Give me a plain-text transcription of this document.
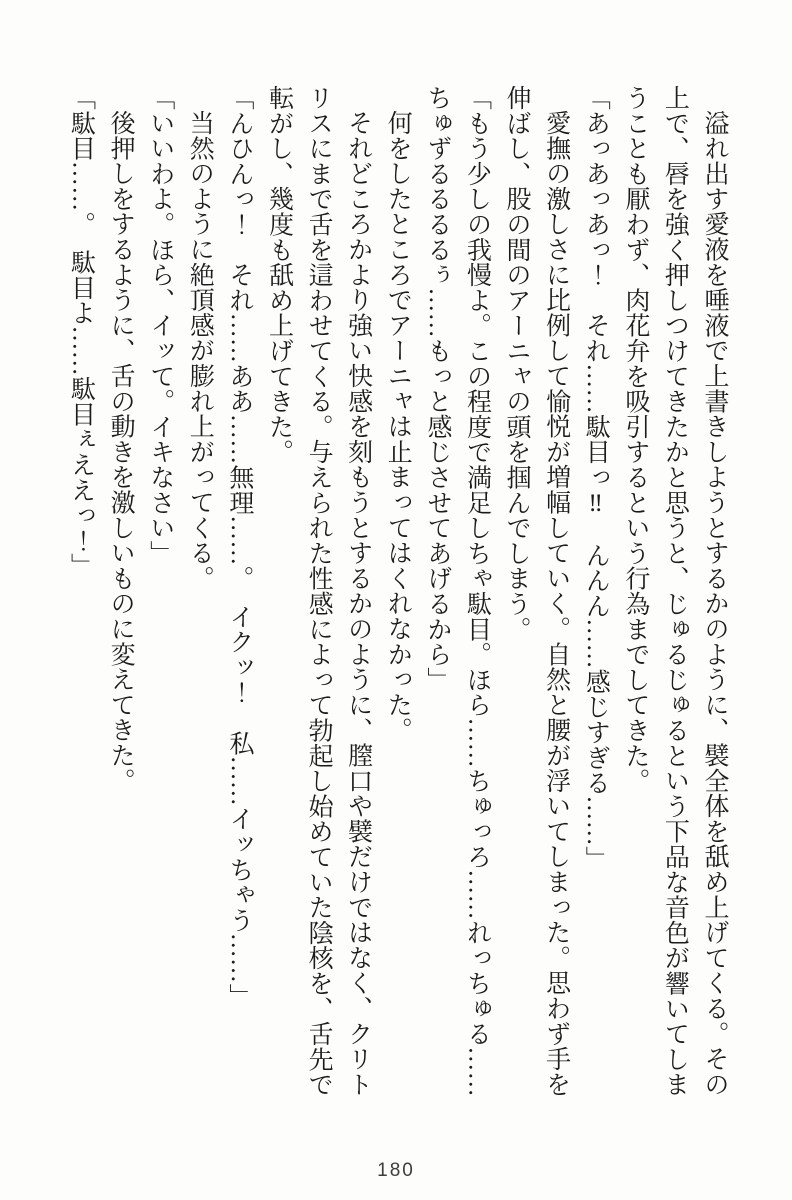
溢れ出す愛液を唾液で上書きしようとするかのように、襞全体を舐め上げてくる。その

上で、唇を強く押しつけてきたかと思うと、じゅるじゅるという下品な音色が響いてしま

うことも厭わず、肉花弁を吸引するという行為までしてきた。

「あっあっあっ！　それ……駄目っ‼　んんん……感じすぎる……」

愛撫の激しさに比例して愉悦が増幅していく。自然と腰が浮いてしまった。思わず手を

伸ばし、股の間のアーニャの頭を掴んでしまう。

「もう少しの我慢よ。この程度で満足しちゃ駄目。ほら……ちゅっろ……れっちゅる……

ちゅずるるるるぅ……もっと感じさせてあげるから」

何をしたところでアーニャは止まってはくれなかった。

それどころかより強い快感を刻もうとするかのように、膣口や襞だけではなく、クリト

リスにまで舌を這わせてくる。与えられた性感によって勃起し始めていた陰核を、舌先で

転がし、幾度も舐め上げてきた。

「んひんっ！　それ……ああ……無理……。　イクッ！　私……イッちゃう……」

当然のように絶頂感が膨れ上がってくる。

「いいわよ。ほら、イッて。イキなさい」

後押しをするように、舌の動きを激しいものに変えてきた。

「駄目……。　駄目よ……駄目ぇええっ！」

180
